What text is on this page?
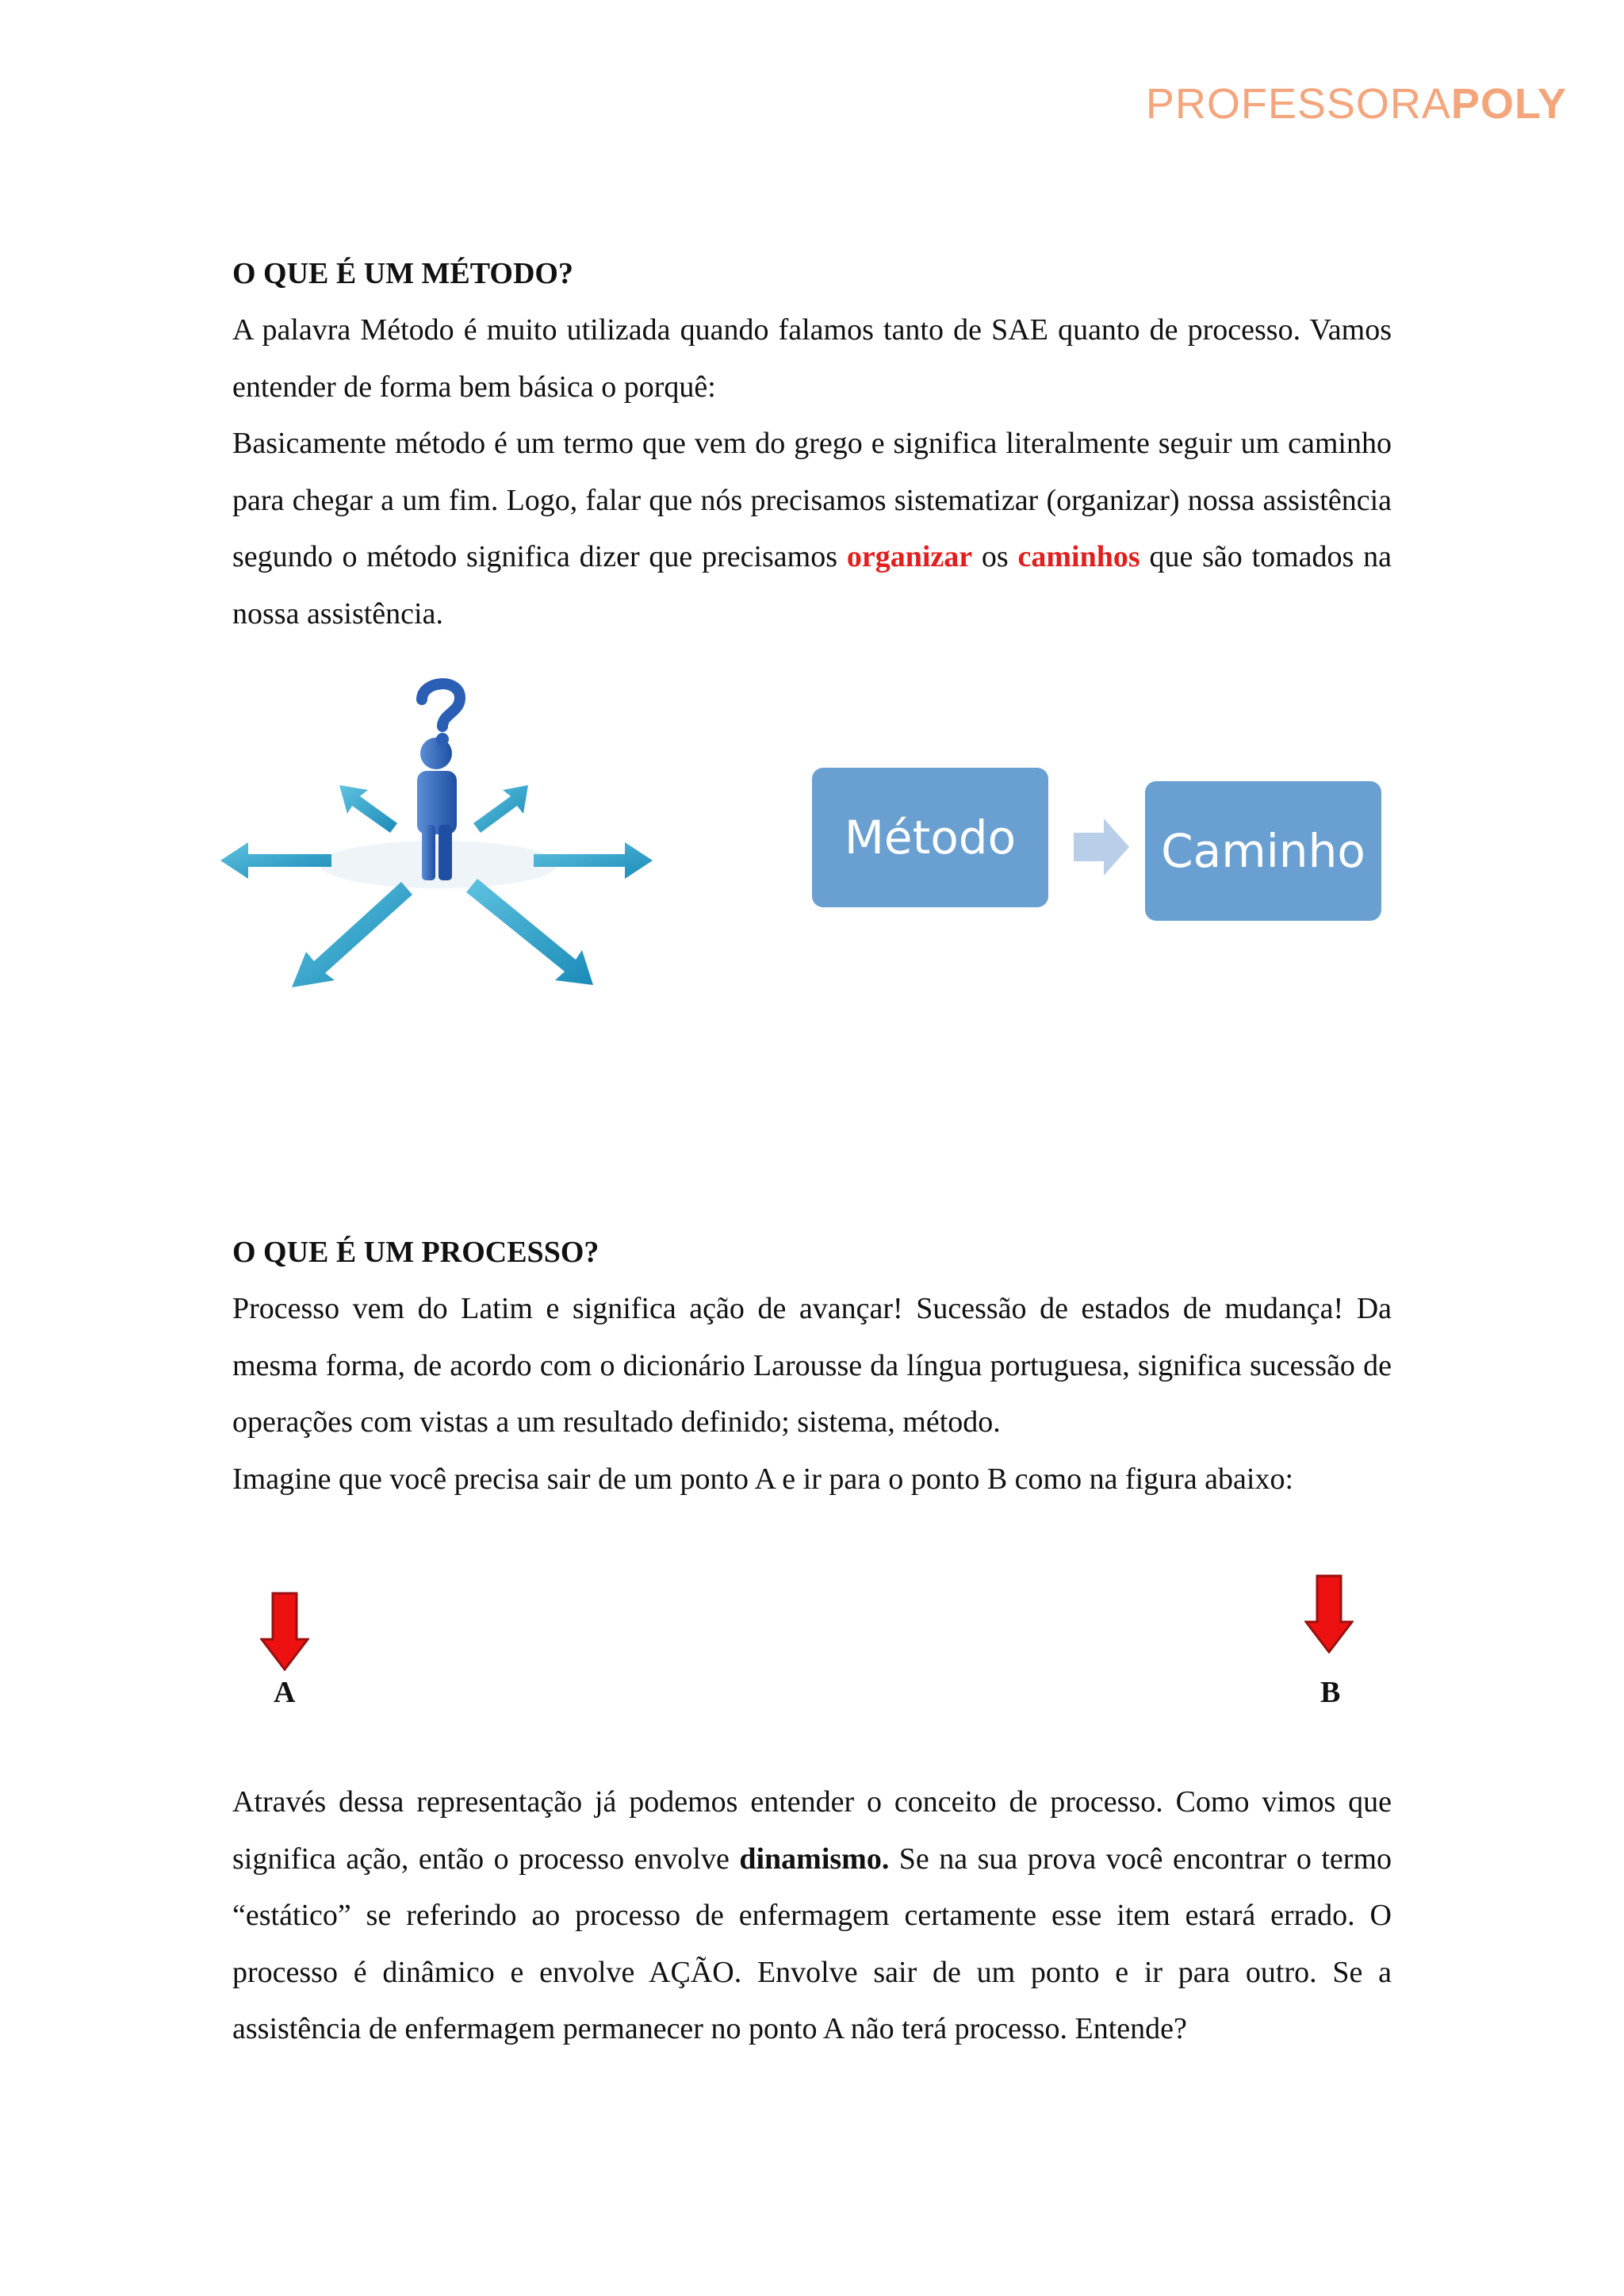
PROFESSORAPOLY

O QUE É UM MÉTODO?

A palavra Método é muito utilizada quando falamos tanto de SAE quanto de processo. Vamos entender de forma bem básica o porquê:

Basicamente método é um termo que vem do grego e significa literalmente seguir um caminho para chegar a um fim. Logo, falar que nós precisamos sistematizar (organizar) nossa assistência segundo o método significa dizer que precisamos organizar os caminhos que são tomados na nossa assistência.

Método	Caminho

O QUE É UM PROCESSO?

Processo vem do Latim e significa ação de avançar! Sucessão de estados de mudança! Da mesma forma, de acordo com o dicionário Larousse da língua portuguesa, significa sucessão de operações com vistas a um resultado definido; sistema, método.

Imagine que você precisa sair de um ponto A e ir para o ponto B como na figura abaixo:

A	B

Através dessa representação já podemos entender o conceito de processo. Como vimos que significa ação, então o processo envolve dinamismo. Se na sua prova você encontrar o termo “estático” se referindo ao processo de enfermagem certamente esse item estará errado. O processo é dinâmico e envolve AÇÃO. Envolve sair de um ponto e ir para outro. Se a assistência de enfermagem permanecer no ponto A não terá processo. Entende?
